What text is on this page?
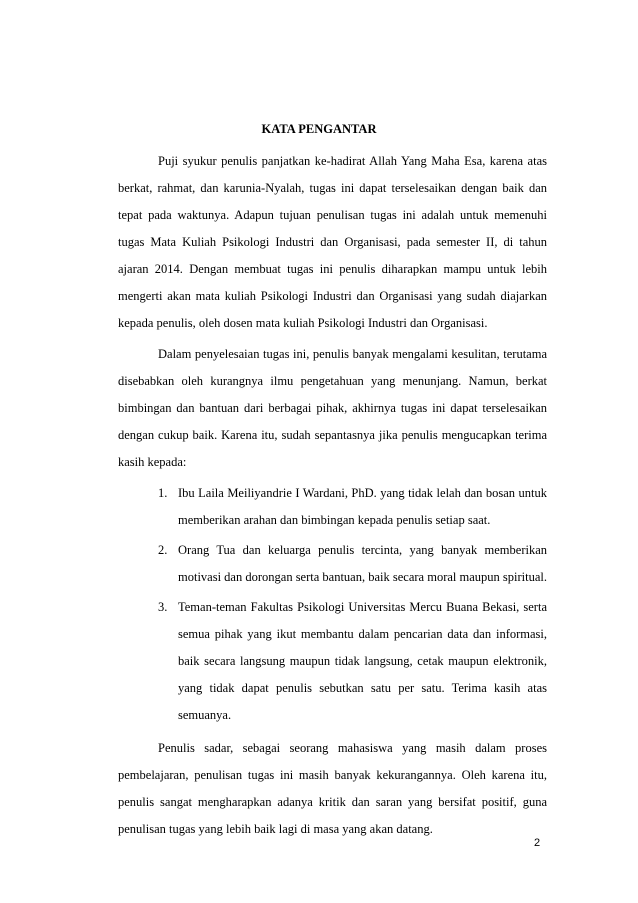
KATA PENGANTAR

Puji syukur penulis panjatkan ke-hadirat Allah Yang Maha Esa, karena atas berkat, rahmat, dan karunia-Nyalah, tugas ini dapat terselesaikan dengan baik dan tepat pada waktunya. Adapun tujuan penulisan tugas ini adalah untuk memenuhi tugas Mata Kuliah Psikologi Industri dan Organisasi, pada semester II, di tahun ajaran 2014. Dengan membuat tugas ini penulis diharapkan mampu untuk lebih mengerti akan mata kuliah Psikologi Industri dan Organisasi yang sudah diajarkan kepada penulis, oleh dosen mata kuliah Psikologi Industri dan Organisasi.

Dalam penyelesaian tugas ini, penulis banyak mengalami kesulitan, terutama disebabkan oleh kurangnya ilmu pengetahuan yang menunjang. Namun, berkat bimbingan dan bantuan dari berbagai pihak, akhirnya tugas ini dapat terselesaikan dengan cukup baik. Karena itu, sudah sepantasnya jika penulis mengucapkan terima kasih kepada:

1. Ibu Laila Meiliyandrie I Wardani, PhD. yang tidak lelah dan bosan untuk memberikan arahan dan bimbingan kepada penulis setiap saat.
2. Orang Tua dan keluarga penulis tercinta, yang banyak memberikan motivasi dan dorongan serta bantuan, baik secara moral maupun spiritual.
3. Teman-teman Fakultas Psikologi Universitas Mercu Buana Bekasi, serta semua pihak yang ikut membantu dalam pencarian data dan informasi, baik secara langsung maupun tidak langsung, cetak maupun elektronik, yang tidak dapat penulis sebutkan satu per satu. Terima kasih atas semuanya.

Penulis sadar, sebagai seorang mahasiswa yang masih dalam proses pembelajaran, penulisan tugas ini masih banyak kekurangannya. Oleh karena itu, penulis sangat mengharapkan adanya kritik dan saran yang bersifat positif, guna penulisan tugas yang lebih baik lagi di masa yang akan datang.

2
